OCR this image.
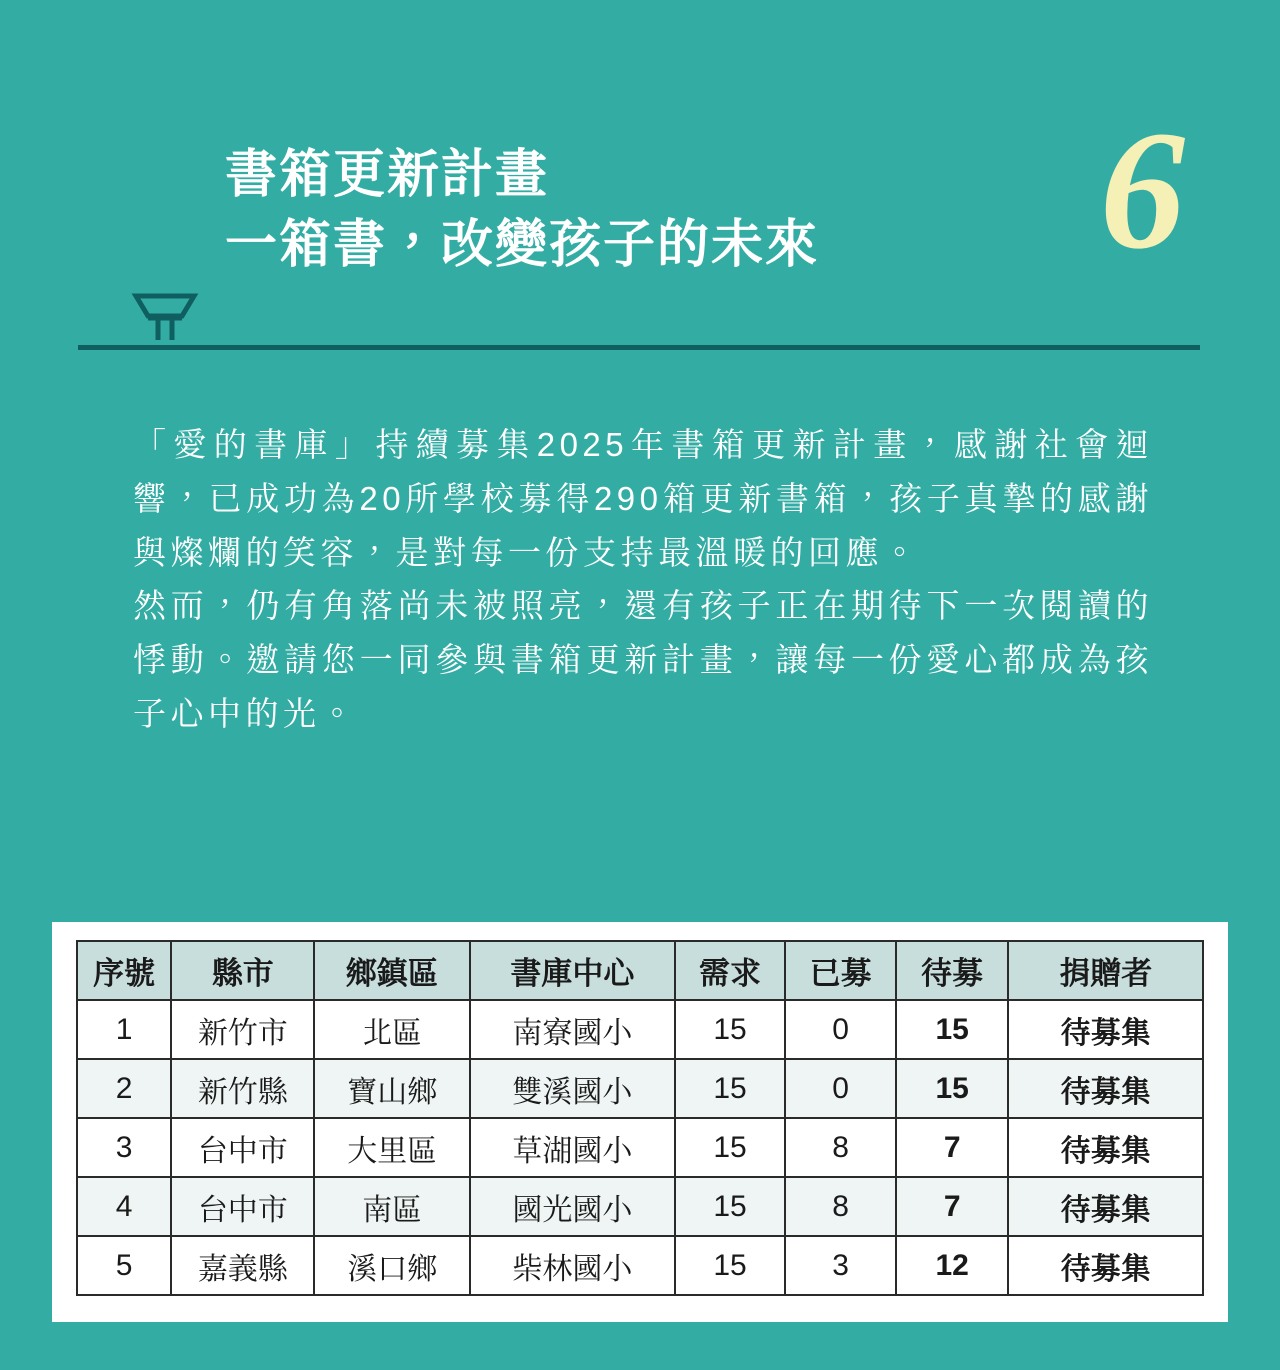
書箱更新計畫
一箱書，改變孩子的未來 6

「愛的書庫」持續募集2025年書箱更新計畫，感謝社會迴響，已成功為20所學校募得290箱更新書箱，孩子真摯的感謝與燦爛的笑容，是對每一份支持最溫暖的回應。

然而，仍有角落尚未被照亮，還有孩子正在期待下一次閱讀的悸動。邀請您一同參與書箱更新計畫，讓每一份愛心都成為孩子心中的光。

序號	縣市	鄉鎮區	書庫中心	需求	已募	待募	捐贈者
1	新竹市	北區	南寮國小	15	0	15	待募集
2	新竹縣	寶山鄉	雙溪國小	15	0	15	待募集
3	台中市	大里區	草湖國小	15	8	7	待募集
4	台中市	南區	國光國小	15	8	7	待募集
5	嘉義縣	溪口鄉	柴林國小	15	3	12	待募集
